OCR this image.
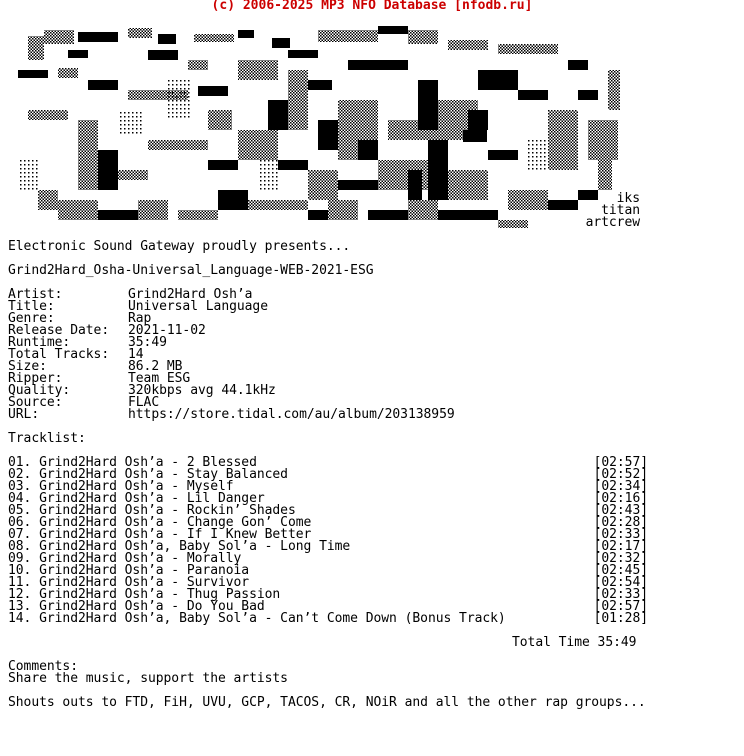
(c) 2006-2025 MP3 NFO Database [nfodb.ru]
iks
titan
artcrew
Electronic Sound Gateway proudly presents...
Grind2Hard_Osha-Universal_Language-WEB-2021-ESG
Artist:	Grind2Hard Osh’a
Title:	Universal Language
Genre:	Rap
Release Date: 2021-11-02
Runtime:	35:49
Total Tracks: 14
Size:	86.2 MB
Ripper:	Team ESG
Quality:	320kbps avg 44.1kHz
Source:	FLAC
URL:	https://store.tidal.com/au/album/203138959
Tracklist:
01. Grind2Hard Osh’a - 2 Blessed	[02:57]
02. Grind2Hard Osh’a - Stay Balanced	[02:52]
03. Grind2Hard Osh’a - Myself	[02:34]
04. Grind2Hard Osh’a - Lil Danger	[02:16]
05. Grind2Hard Osh’a - Rockin’ Shades	[02:43]
06. Grind2Hard Osh’a - Change Gon’ Come	[02:28]
07. Grind2Hard Osh’a - If I Knew Better	[02:33]
08. Grind2Hard Osh’a, Baby Sol’a - Long Time	[02:17]
09. Grind2Hard Osh’a - Morally	[02:32]
10. Grind2Hard Osh’a - Paranoia	[02:45]
11. Grind2Hard Osh’a - Survivor	[02:54]
12. Grind2Hard Osh’a - Thug Passion	[02:33]
13. Grind2Hard Osh’a - Do You Bad	[02:57]
14. Grind2Hard Osh’a, Baby Sol’a - Can’t Come Down (Bonus Track)	[01:28]
Total Time 35:49
Comments:
Share the music, support the artists
Shouts outs to FTD, FiH, UVU, GCP, TACOS, CR, NOiR and all the other rap groups...
